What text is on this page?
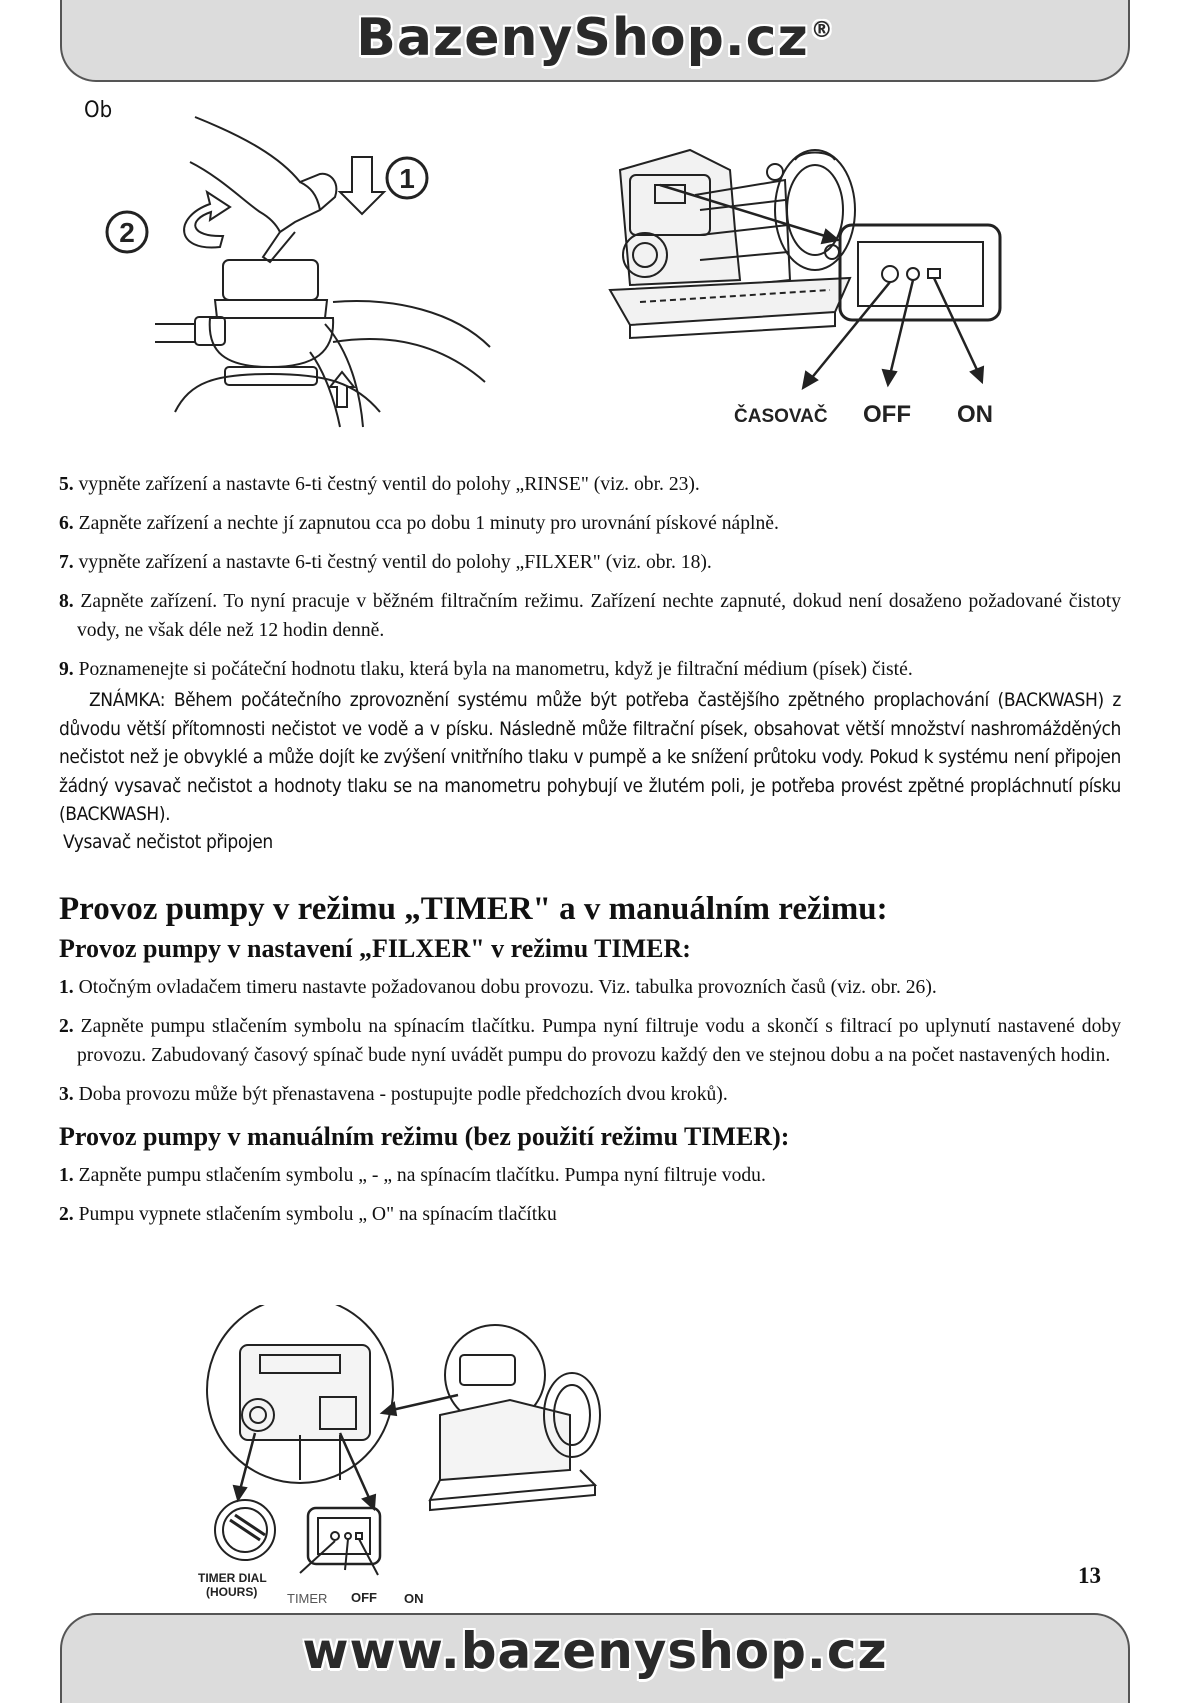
BazenyShop.cz®
Ob
1
2
ČASOVAČ OFF ON

5. vypněte zařízení a nastavte 6-ti čestný ventil do polohy „RINSE" (viz. obr. 23).

6. Zapněte zařízení a nechte jí zapnutou cca po dobu 1 minuty pro urovnání pískové náplně.

7. vypněte zařízení a nastavte 6-ti čestný ventil do polohy „FILXER" (viz. obr. 18).

8. Zapněte zařízení. To nyní pracuje v běžném filtračním režimu. Zařízení nechte zapnuté, dokud není dosaženo požadované čistoty vody, ne však déle než 12 hodin denně.

9. Poznamenejte si počáteční hodnotu tlaku, která byla na manometru, když je filtrační médium (písek) čisté.

ZNÁMKA: Během počátečního zprovoznění systému může být potřeba častějšího zpětného proplachování (BACKWASH) z důvodu větší přítomnosti nečistot ve vodě a v písku. Následně může filtrační písek, obsahovat větší množství nashromážděných nečistot než je obvyklé a může dojít ke zvýšení vnitřního tlaku v pumpě a ke snížení průtoku vody. Pokud k systému není připojen žádný vysavač nečistot a hodnoty tlaku se na manometru pohybují ve žlutém poli, je potřeba provést zpětné propláchnutí písku (BACKWASH).

Vysavač nečistot připojen

Provoz pumpy v režimu „TIMER" a v manuálním režimu:
Provoz pumpy v nastavení „FILXER" v režimu TIMER:

1. Otočným ovladačem timeru nastavte požadovanou dobu provozu. Viz. tabulka provozních časů (viz. obr. 26).

2. Zapněte pumpu stlačením symbolu na spínacím tlačítku. Pumpa nyní filtruje vodu a skončí s filtrací po uplynutí nastavené doby provozu. Zabudovaný časový spínač bude nyní uvádět pumpu do provozu každý den ve stejnou dobu a na počet nastavených hodin.

3. Doba provozu může být přenastavena - postupujte podle předchozích dvou kroků).

Provoz pumpy v manuálním režimu (bez použití režimu TIMER):

1. Zapněte pumpu stlačením symbolu „ - „ na spínacím tlačítku. Pumpa nyní filtruje vodu.

2. Pumpu vypnete stlačením symbolu „ O" na spínacím tlačítku

TIMER DIAL
(HOURS) TIMER OFF ON
13
www.bazenyshop.cz
